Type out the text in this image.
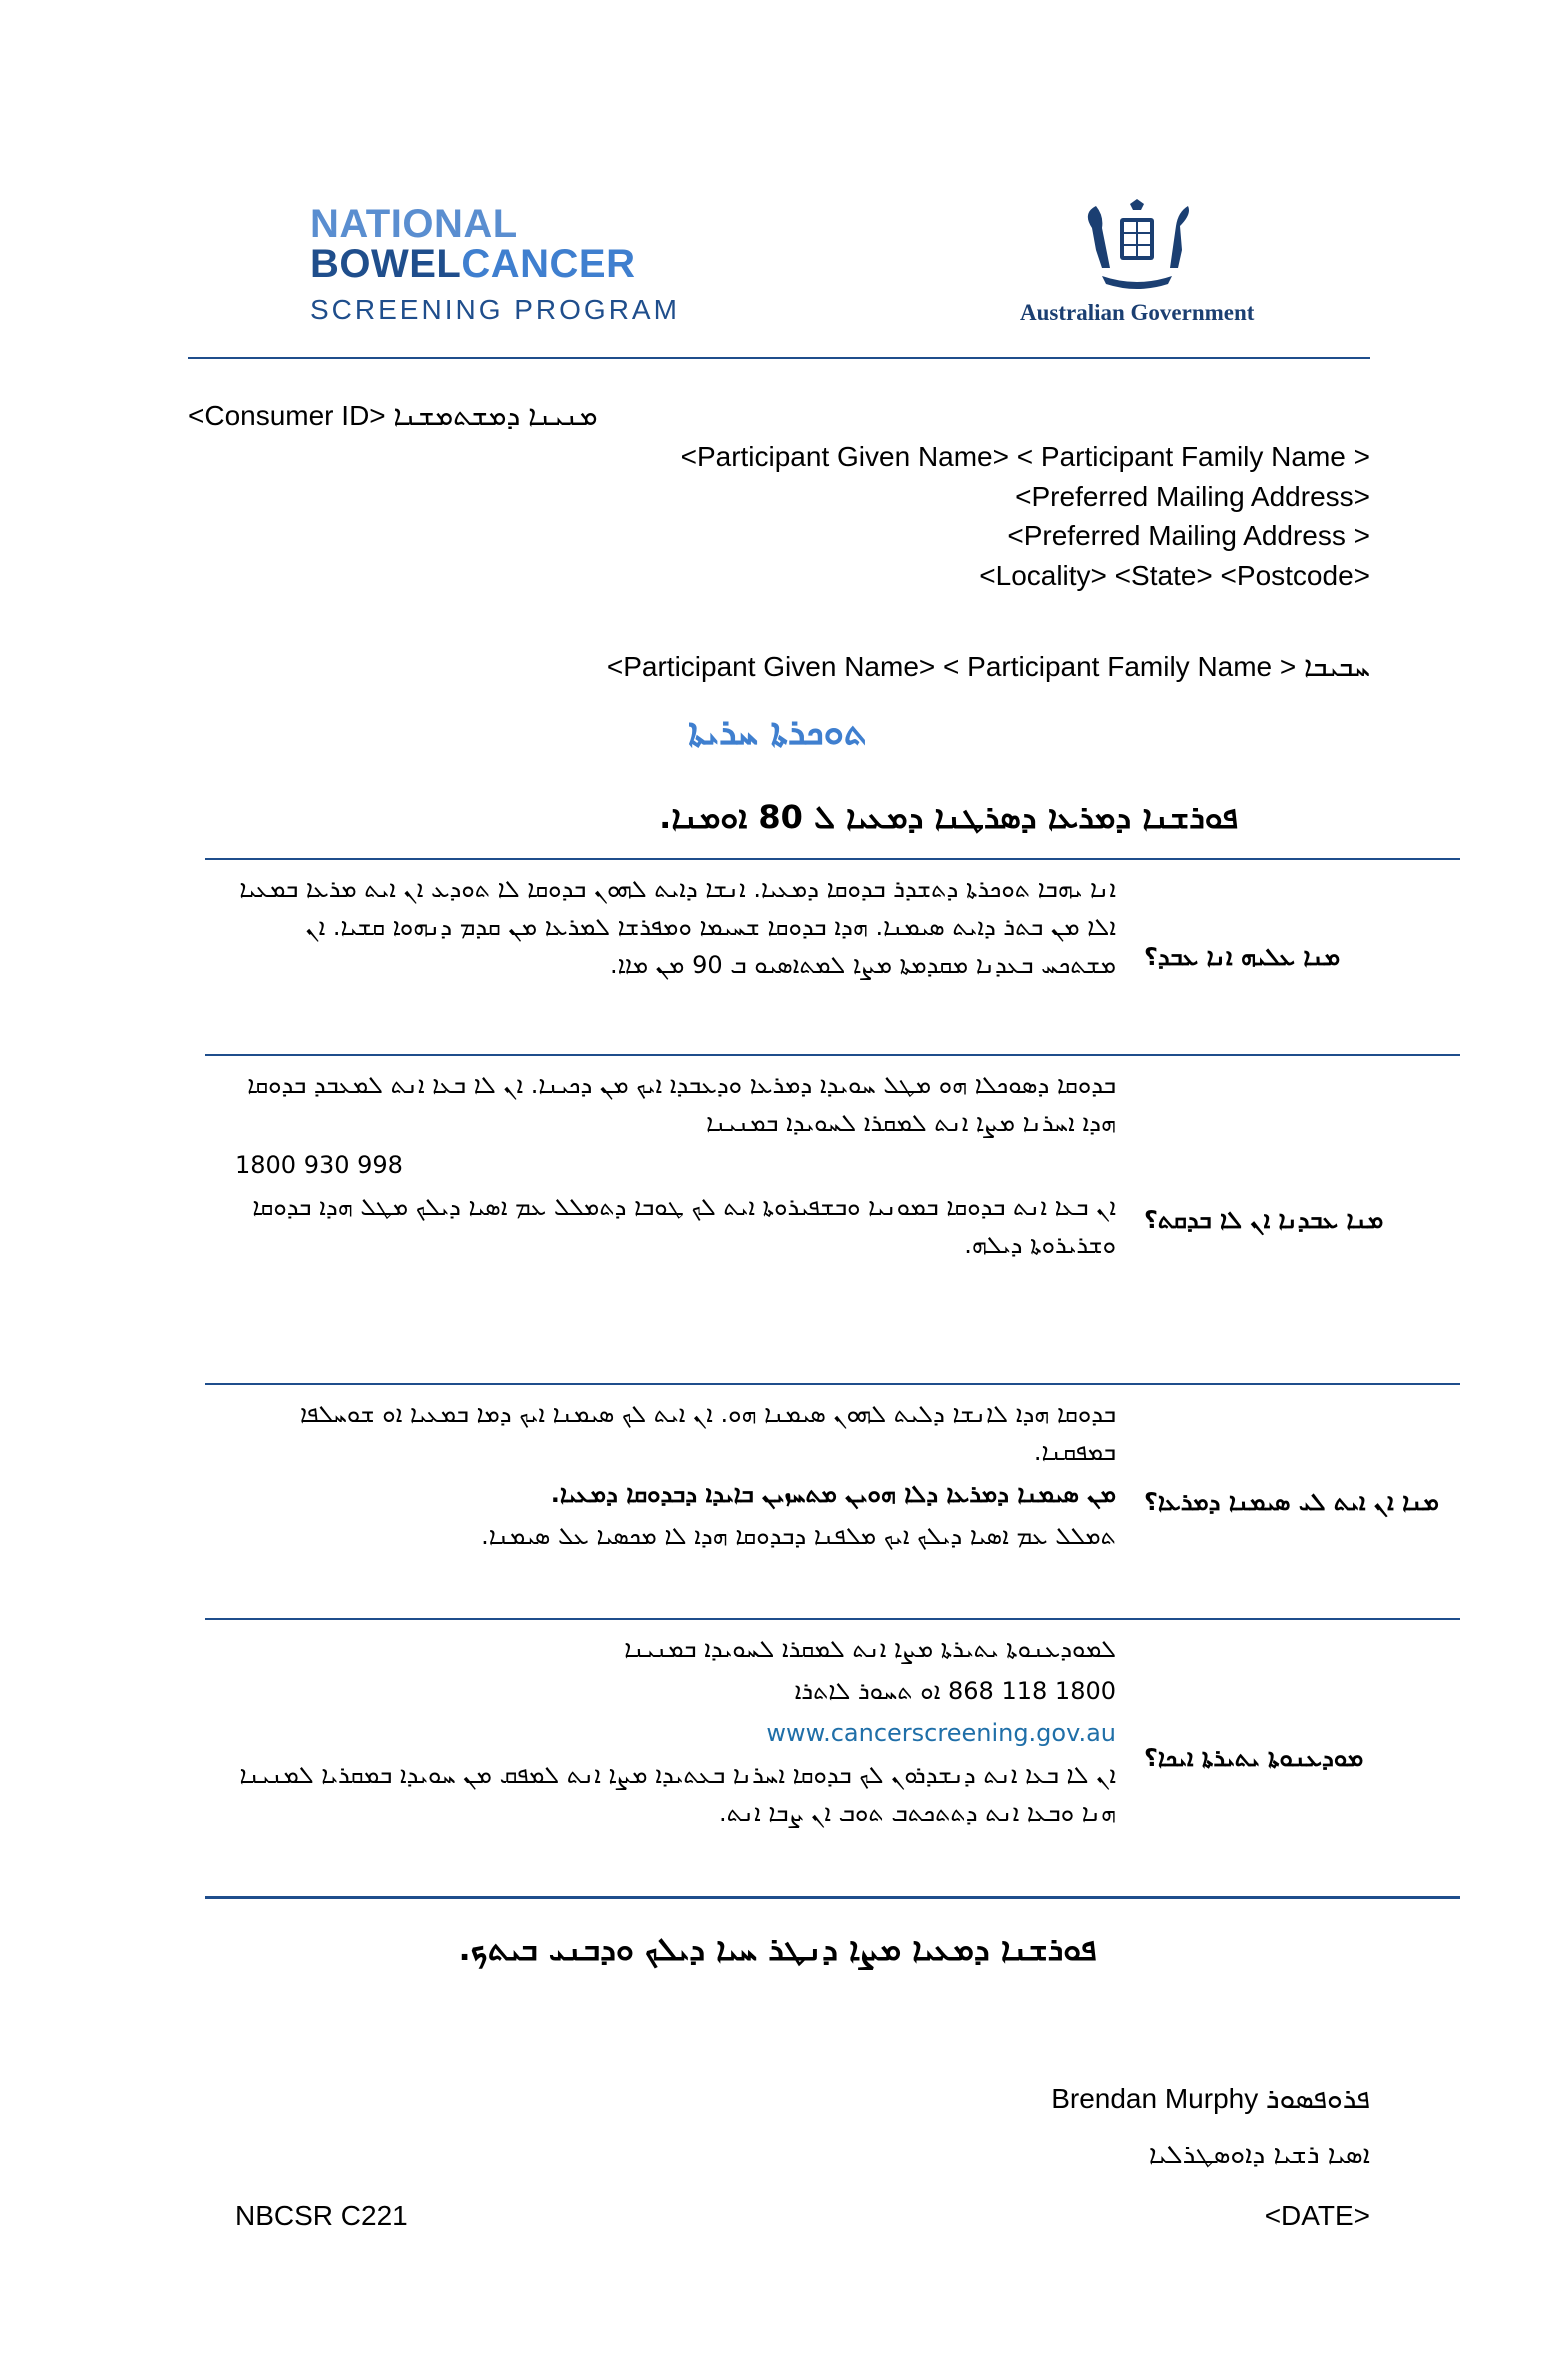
NATIONAL
BOWELCANCER
SCREENING PROGRAM	Australian Government
<Consumer ID> ܡܢܝܢܐ ܕܡܫܬܡܫܢܐ
<Participant Given Name> < Participant Family Name >
<Preferred Mailing Address>
<Preferred Mailing Address >
<Locality> <State> <Postcode>
<Participant Given Name> < Participant Family Name > ܚܒܝܒܐ
ܬܘܟܪܬܐ ܚܪܝܬܐ
ܦܘܪܫܢܐ ܕܡܪܥܐ ܕܣܪܛܢܐ ܕܡܥܝܐ ܠ 80 ܐܘܡܢܐ.
ܡܢܐ ܥܠܝܗ ܐܢܐ ܥܒܕ؟

ܐܢܐ ܝܗܒܐ ܬܘܟܪܬܐ ܕܬܫܕܪ ܒܕܘܩܐ ܕܡܥܝܐ. ܐܢܫܐ ܕܐܝܬ ܠܗܘܢ ܒܕܘܩܐ ܠܐ ܬܘܕܥ ܐܢ ܐܝܬ ܡܪܥܐ ܒܡܥܝܐ ܐܠܐ ܡܢ ܒܬܪ ܕܐܝܬ ܣܝܡܢܐ. ܗܕܐ ܒܕܘܩܐ ܫܚܝܡܐ ܘܡܦܪܫܐ ܠܡܪܥܐ ܡܢ ܩܕܡ ܕܢܗܘܐ ܩܫܝܐ. ܐܢ ܡܫܬܟܚ ܒܥܕܢܐ ܡܩܕܡܬܐ ܡܨܐ ܠܡܬܐܣܝܘ ܒ 90 ܡܢ ܡܐܐ.

ܡܢܐ ܥܒܕܢܐ ܐܢ ܠܐ ܒܕܩܬ؟

ܒܕܘܩܐ ܕܣܘܟܠܐ ܗܘ ܡܛܠ ܚܘܝܕܐ ܕܡܪܥܐ ܘܕܥܒܕܐ ܐܝܟ ܡܢ ܕܟܝܢܐ. ܐܢ ܠܐ ܒܥܐ ܐܢܬ ܠܡܥܒܕ ܒܕܘܩܐ ܗܕܐ ܐܚܪܢܐ ܡܨܐ ܐܢܬ ܠܡܩܪܐ ܠܚܘܝܕܐ ܒܡܢܝܢܐ

1800 930 998

ܐܢ ܒܥܐ ܐܢܬ ܒܕܘܩܐ ܒܡܘܢܝܐ ܘܒܫܦܝܪܘܬܐ ܐܝܬ ܠܟ ܛܘܒܐ ܕܬܡܠܠ ܥܡ ܐܣܝܐ ܕܝܠܟ ܡܛܠ ܗܕܐ ܒܕܘܩܐ ܘܫܪܝܪܘܬܐ ܕܝܠܗ.

ܡܢܐ ܐܢ ܐܝܬ ܠܝ ܣܝܡܢܐ ܕܡܪܥܐ؟

ܒܕܘܩܐ ܗܕܐ ܠܐܢܫܐ ܕܠܝܬ ܠܗܘܢ ܣܝܡܢܐ ܗܘ. ܐܢ ܐܝܬ ܠܟ ܣܝܡܢܐ ܐܝܟ ܕܡܐ ܒܡܥܝܐ ܐܘ ܫܘܚܠܦܐ ܒܡܦܩܢܐ.

ܡܢ ܣܝܡܢܐ ܕܡܪܥܐ ܕܠܐ ܗܘܝܢ ܡܬܚܙܝܢ ܒܐܝܕܐ ܕܒܕܘܩܐ ܕܡܥܝܐ.

ܬܡܠܠ ܥܡ ܐܣܝܐ ܕܝܠܟ ܐܝܟ ܡܠܦܢܐ ܕܒܕܘܩܐ ܗܕܐ ܠܐ ܡܟܣܝܐ ܥܠ ܣܝܡܢܐ.

ܡܘܕܥܢܘܬܐ ܝܬܝܪܬܐ ܐܝܟܐ؟

ܠܡܘܕܥܢܘܬܐ ܝܬܝܪܬܐ ܡܨܐ ܐܢܬ ܠܡܩܪܐ ܠܚܘܝܕܐ ܒܡܢܝܢܐ

1800 118 868 ܐܘ ܬܚܘܪ ܠܐܬܪܐ

www.cancerscreening.gov.au

ܐܢ ܠܐ ܒܥܐ ܐܢܬ ܕܢܫܕܪܘܢ ܠܟ ܒܕܘܩܐ ܐܚܪܢܐ ܒܥܬܝܕܐ ܡܨܐ ܐܢܬ ܠܡܦܩ ܡܢ ܚܘܝܕܐ ܒܡܩܪܝܐ ܠܡܢܝܢܐ ܗܢܐ ܘܒܥܐ ܐܢܬ ܕܬܬܟܬܒ ܬܘܒ ܐܢ ܨܒܐ ܐܢܬ.

ܦܘܪܫܢܐ ܕܡܥܝܐ ܡܨܐ ܕܢܛܪ ܚܝܐ ܕܝܠܟ ܘܕܒܢܝ ܒܝܬܟ.
Brendan Murphy ܦܪܘܦܣܘܪ
ܐܣܝܐ ܪܫܝܐ ܕܐܘܣܛܪܠܝܐ
NBCSR C221	<DATE>
